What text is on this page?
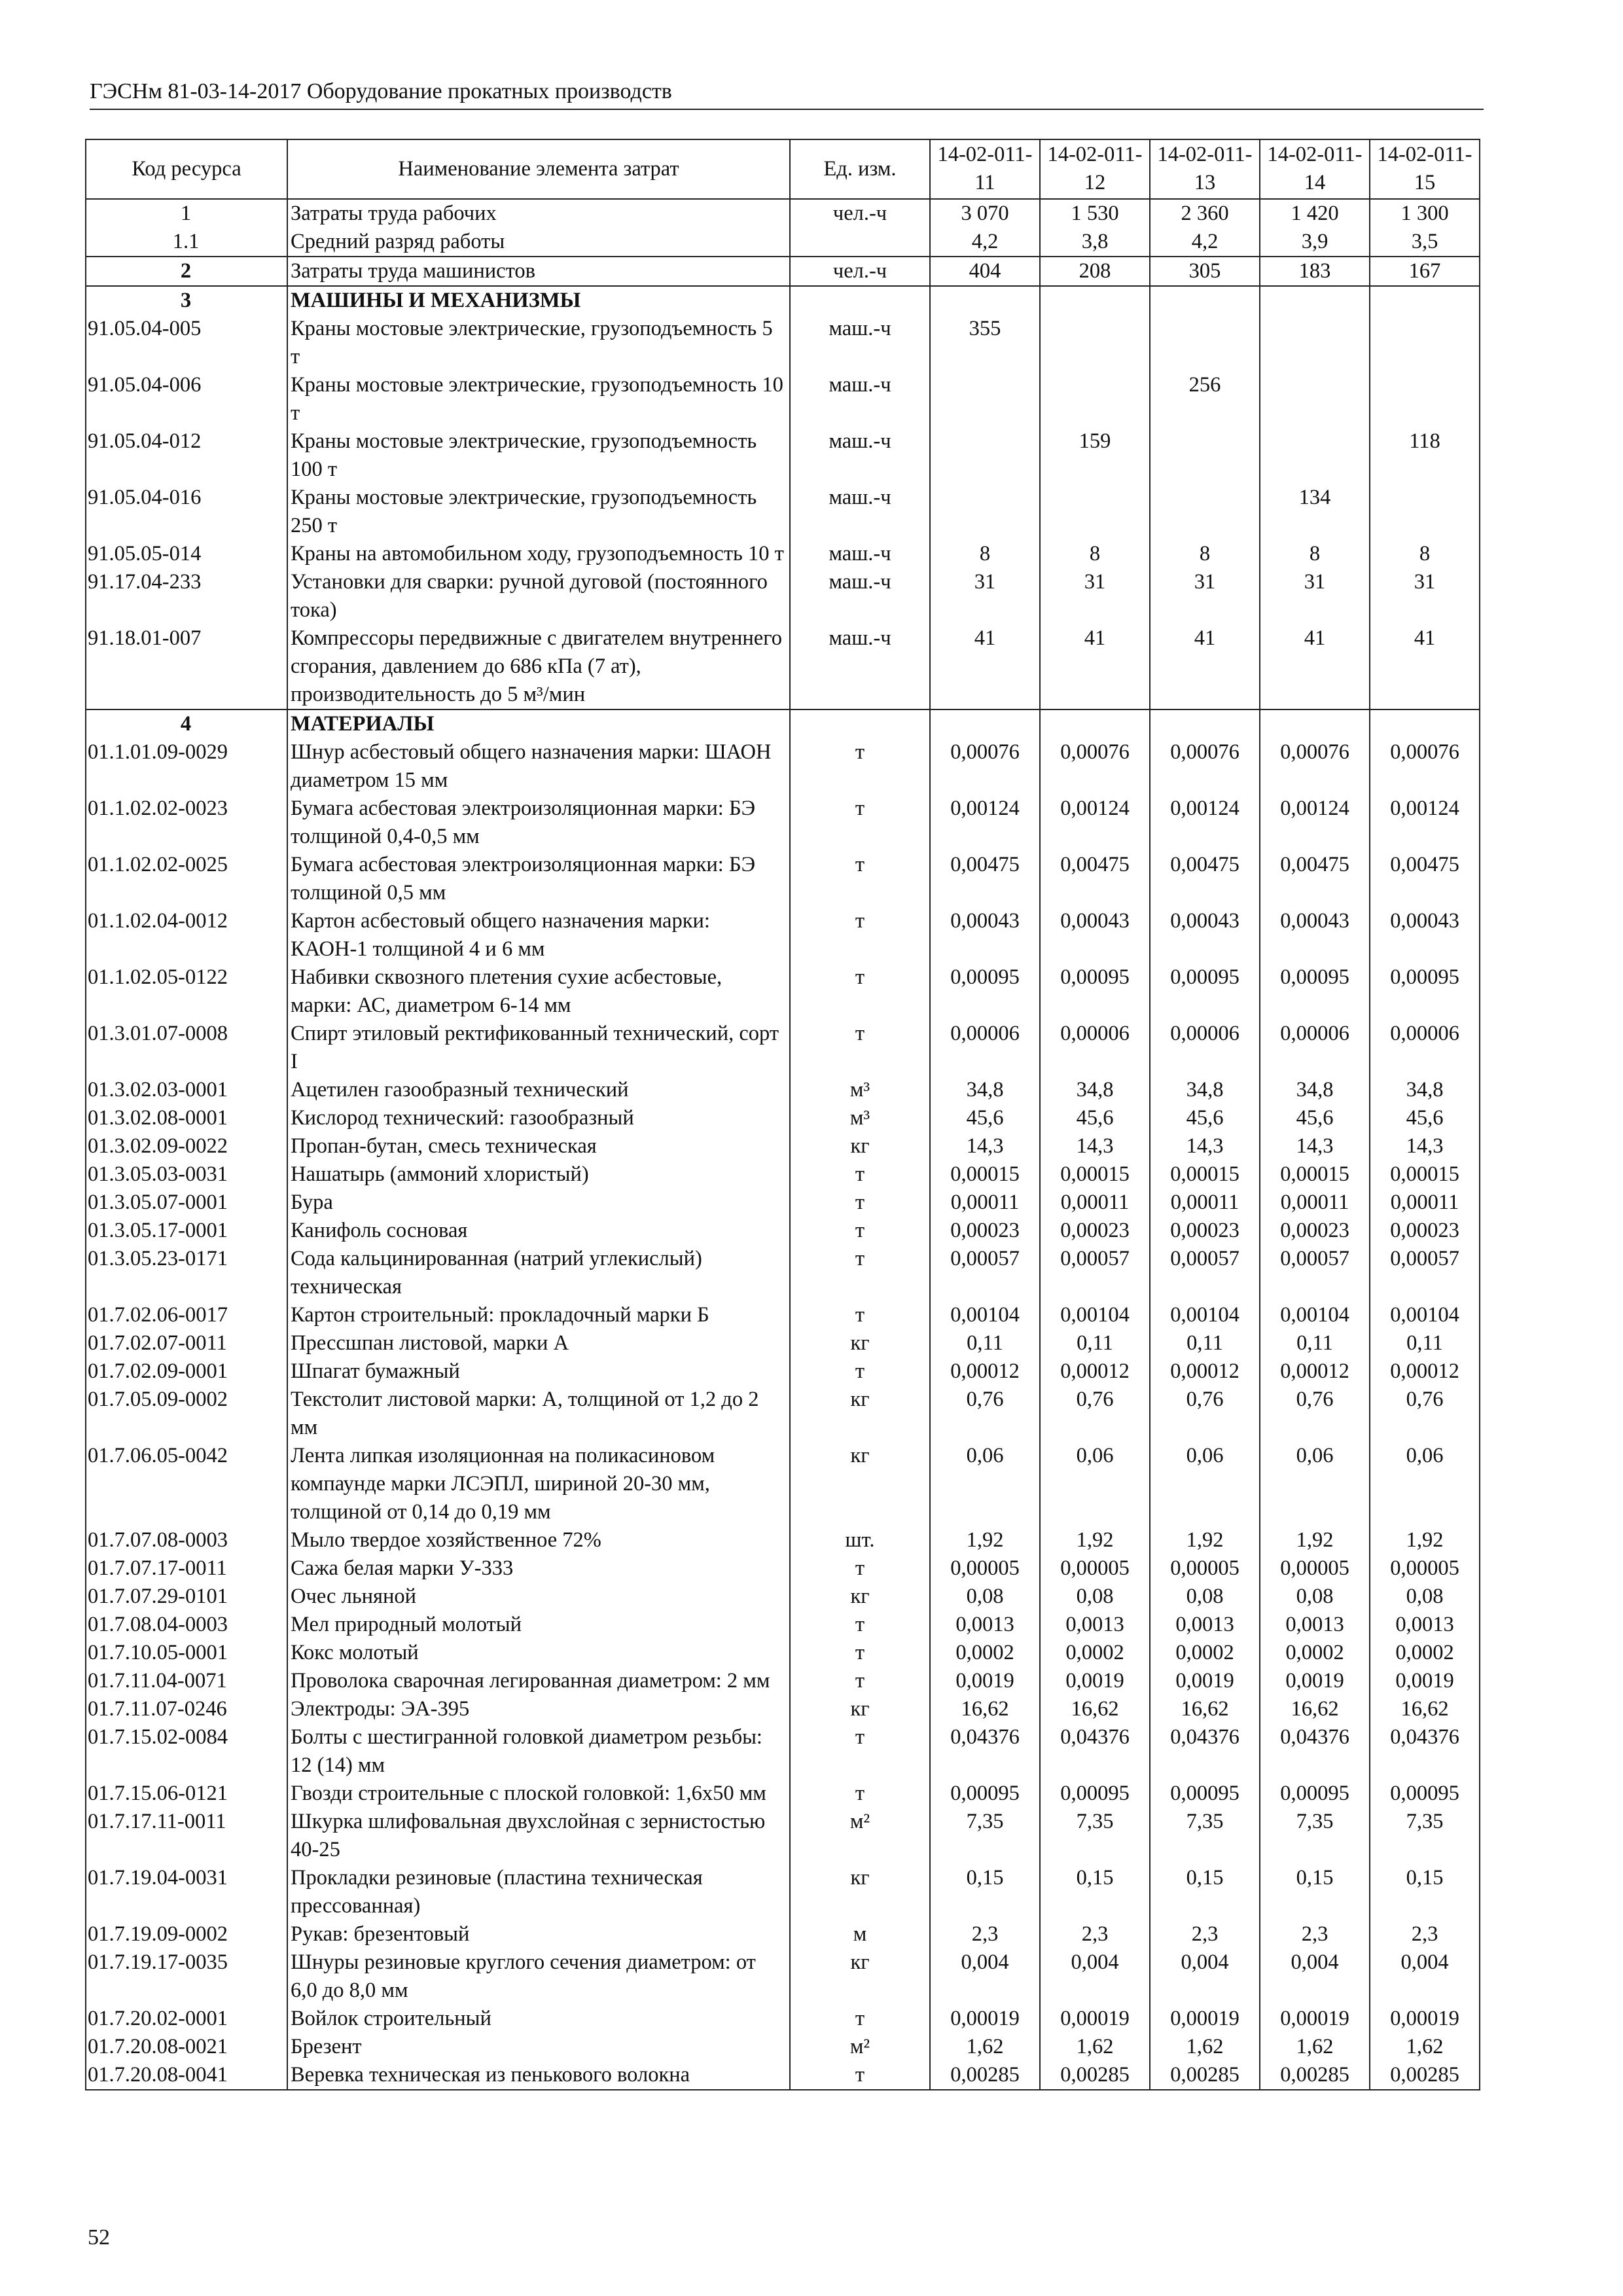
ГЭСНм 81-03-14-2017 Оборудование прокатных производств
Код ресурса	Наименование элемента затрат	Ед. изм.	14-02-011-11	14-02-011-12	14-02-011-13	14-02-011-14	14-02-011-15
1	Затраты труда рабочих	чел.-ч	3 070	1 530	2 360	1 420	1 300
1.1	Средний разряд работы		4,2	3,8	4,2	3,9	3,5
2	Затраты труда машинистов	чел.-ч	404	208	305	183	167
3	МАШИНЫ И МЕХАНИЗМЫ						
91.05.04-005	Краны мостовые электрические, грузоподъемность 5 т	маш.-ч	355				
91.05.04-006	Краны мостовые электрические, грузоподъемность 10 т	маш.-ч			256		
91.05.04-012	Краны мостовые электрические, грузоподъемность 100 т	маш.-ч		159			118
91.05.04-016	Краны мостовые электрические, грузоподъемность 250 т	маш.-ч				134	
91.05.05-014	Краны на автомобильном ходу, грузоподъемность 10 т	маш.-ч	8	8	8	8	8
91.17.04-233	Установки для сварки: ручной дуговой (постоянного тока)	маш.-ч	31	31	31	31	31
91.18.01-007	Компрессоры передвижные с двигателем внутреннего сгорания, давлением до 686 кПа (7 ат), производительность до 5 м³/мин	маш.-ч	41	41	41	41	41
4	МАТЕРИАЛЫ						
01.1.01.09-0029	Шнур асбестовый общего назначения марки: ШАОН диаметром 15 мм	т	0,00076	0,00076	0,00076	0,00076	0,00076
01.1.02.02-0023	Бумага асбестовая электроизоляционная марки: БЭ толщиной 0,4-0,5 мм	т	0,00124	0,00124	0,00124	0,00124	0,00124
01.1.02.02-0025	Бумага асбестовая электроизоляционная марки: БЭ толщиной 0,5 мм	т	0,00475	0,00475	0,00475	0,00475	0,00475
01.1.02.04-0012	Картон асбестовый общего назначения марки: КАОН-1 толщиной 4 и 6 мм	т	0,00043	0,00043	0,00043	0,00043	0,00043
01.1.02.05-0122	Набивки сквозного плетения сухие асбестовые, марки: АС, диаметром 6-14 мм	т	0,00095	0,00095	0,00095	0,00095	0,00095
01.3.01.07-0008	Спирт этиловый ректификованный технический, сорт I	т	0,00006	0,00006	0,00006	0,00006	0,00006
01.3.02.03-0001	Ацетилен газообразный технический	м³	34,8	34,8	34,8	34,8	34,8
01.3.02.08-0001	Кислород технический: газообразный	м³	45,6	45,6	45,6	45,6	45,6
01.3.02.09-0022	Пропан-бутан, смесь техническая	кг	14,3	14,3	14,3	14,3	14,3
01.3.05.03-0031	Нашатырь (аммоний хлористый)	т	0,00015	0,00015	0,00015	0,00015	0,00015
01.3.05.07-0001	Бура	т	0,00011	0,00011	0,00011	0,00011	0,00011
01.3.05.17-0001	Канифоль сосновая	т	0,00023	0,00023	0,00023	0,00023	0,00023
01.3.05.23-0171	Сода кальцинированная (натрий углекислый) техническая	т	0,00057	0,00057	0,00057	0,00057	0,00057
01.7.02.06-0017	Картон строительный: прокладочный марки Б	т	0,00104	0,00104	0,00104	0,00104	0,00104
01.7.02.07-0011	Прессшпан листовой, марки А	кг	0,11	0,11	0,11	0,11	0,11
01.7.02.09-0001	Шпагат бумажный	т	0,00012	0,00012	0,00012	0,00012	0,00012
01.7.05.09-0002	Текстолит листовой марки: А, толщиной от 1,2 до 2 мм	кг	0,76	0,76	0,76	0,76	0,76
01.7.06.05-0042	Лента липкая изоляционная на поликасиновом компаунде марки ЛСЭПЛ, шириной 20-30 мм, толщиной от 0,14 до 0,19 мм	кг	0,06	0,06	0,06	0,06	0,06
01.7.07.08-0003	Мыло твердое хозяйственное 72%	шт.	1,92	1,92	1,92	1,92	1,92
01.7.07.17-0011	Сажа белая марки У-333	т	0,00005	0,00005	0,00005	0,00005	0,00005
01.7.07.29-0101	Очес льняной	кг	0,08	0,08	0,08	0,08	0,08
01.7.08.04-0003	Мел природный молотый	т	0,0013	0,0013	0,0013	0,0013	0,0013
01.7.10.05-0001	Кокс молотый	т	0,0002	0,0002	0,0002	0,0002	0,0002
01.7.11.04-0071	Проволока сварочная легированная диаметром: 2 мм	т	0,0019	0,0019	0,0019	0,0019	0,0019
01.7.11.07-0246	Электроды: ЭА-395	кг	16,62	16,62	16,62	16,62	16,62
01.7.15.02-0084	Болты с шестигранной головкой диаметром резьбы: 12 (14) мм	т	0,04376	0,04376	0,04376	0,04376	0,04376
01.7.15.06-0121	Гвозди строительные с плоской головкой: 1,6x50 мм	т	0,00095	0,00095	0,00095	0,00095	0,00095
01.7.17.11-0011	Шкурка шлифовальная двухслойная с зернистостью 40-25	м²	7,35	7,35	7,35	7,35	7,35
01.7.19.04-0031	Прокладки резиновые (пластина техническая прессованная)	кг	0,15	0,15	0,15	0,15	0,15
01.7.19.09-0002	Рукав: брезентовый	м	2,3	2,3	2,3	2,3	2,3
01.7.19.17-0035	Шнуры резиновые круглого сечения диаметром: от 6,0 до 8,0 мм	кг	0,004	0,004	0,004	0,004	0,004
01.7.20.02-0001	Войлок строительный	т	0,00019	0,00019	0,00019	0,00019	0,00019
01.7.20.08-0021	Брезент	м²	1,62	1,62	1,62	1,62	1,62
01.7.20.08-0041	Веревка техническая из пенькового волокна	т	0,00285	0,00285	0,00285	0,00285	0,00285
52
